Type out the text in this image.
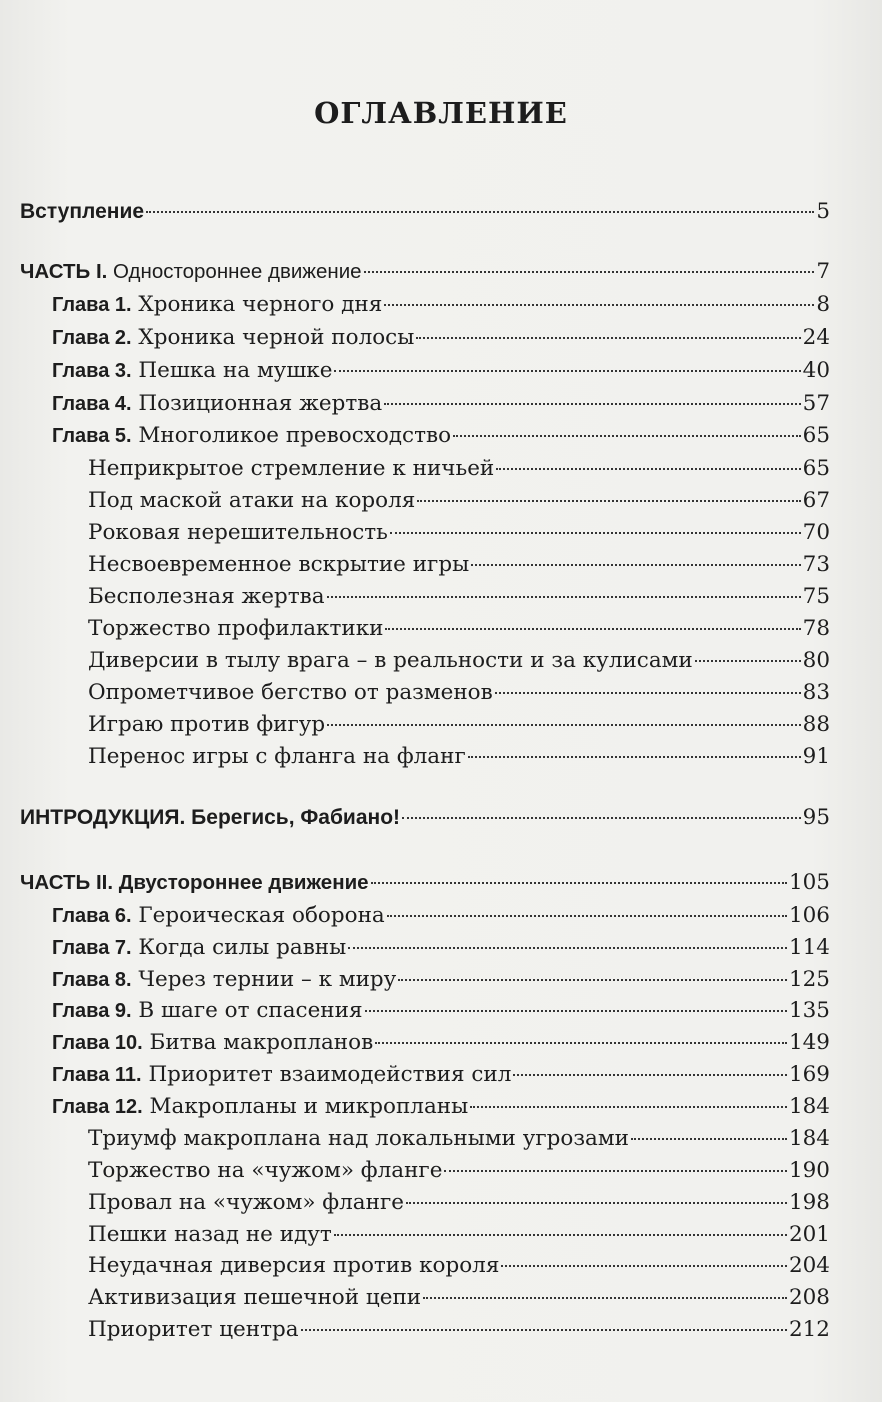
ОГЛАВЛЕНИЕ
Вступление	5
ЧАСТЬ I. Одностороннее движение	7
Глава 1. Хроника черного дня	8
Глава 2. Хроника черной полосы	24
Глава 3. Пешка на мушке	40
Глава 4. Позиционная жертва	57
Глава 5. Многоликое превосходство	65
Неприкрытое стремление к ничьей	65
Под маской атаки на короля	67
Роковая нерешительность	70
Несвоевременное вскрытие игры	73
Бесполезная жертва	75
Торжество профилактики	78
Диверсии в тылу врага – в реальности и за кулисами	80
Опрометчивое бегство от разменов	83
Играю против фигур	88
Перенос игры с фланга на фланг	91
ИНТРОДУКЦИЯ. Берегись, Фабиано!	95
ЧАСТЬ II. Двустороннее движение	105
Глава 6. Героическая оборона	106
Глава 7. Когда силы равны	114
Глава 8. Через тернии – к миру	125
Глава 9. В шаге от спасения	135
Глава 10. Битва макропланов	149
Глава 11. Приоритет взаимодействия сил	169
Глава 12. Макропланы и микропланы	184
Триумф макроплана над локальными угрозами	184
Торжество на «чужом» фланге	190
Провал на «чужом» фланге	198
Пешки назад не идут	201
Неудачная диверсия против короля	204
Активизация пешечной цепи	208
Приоритет центра	212
